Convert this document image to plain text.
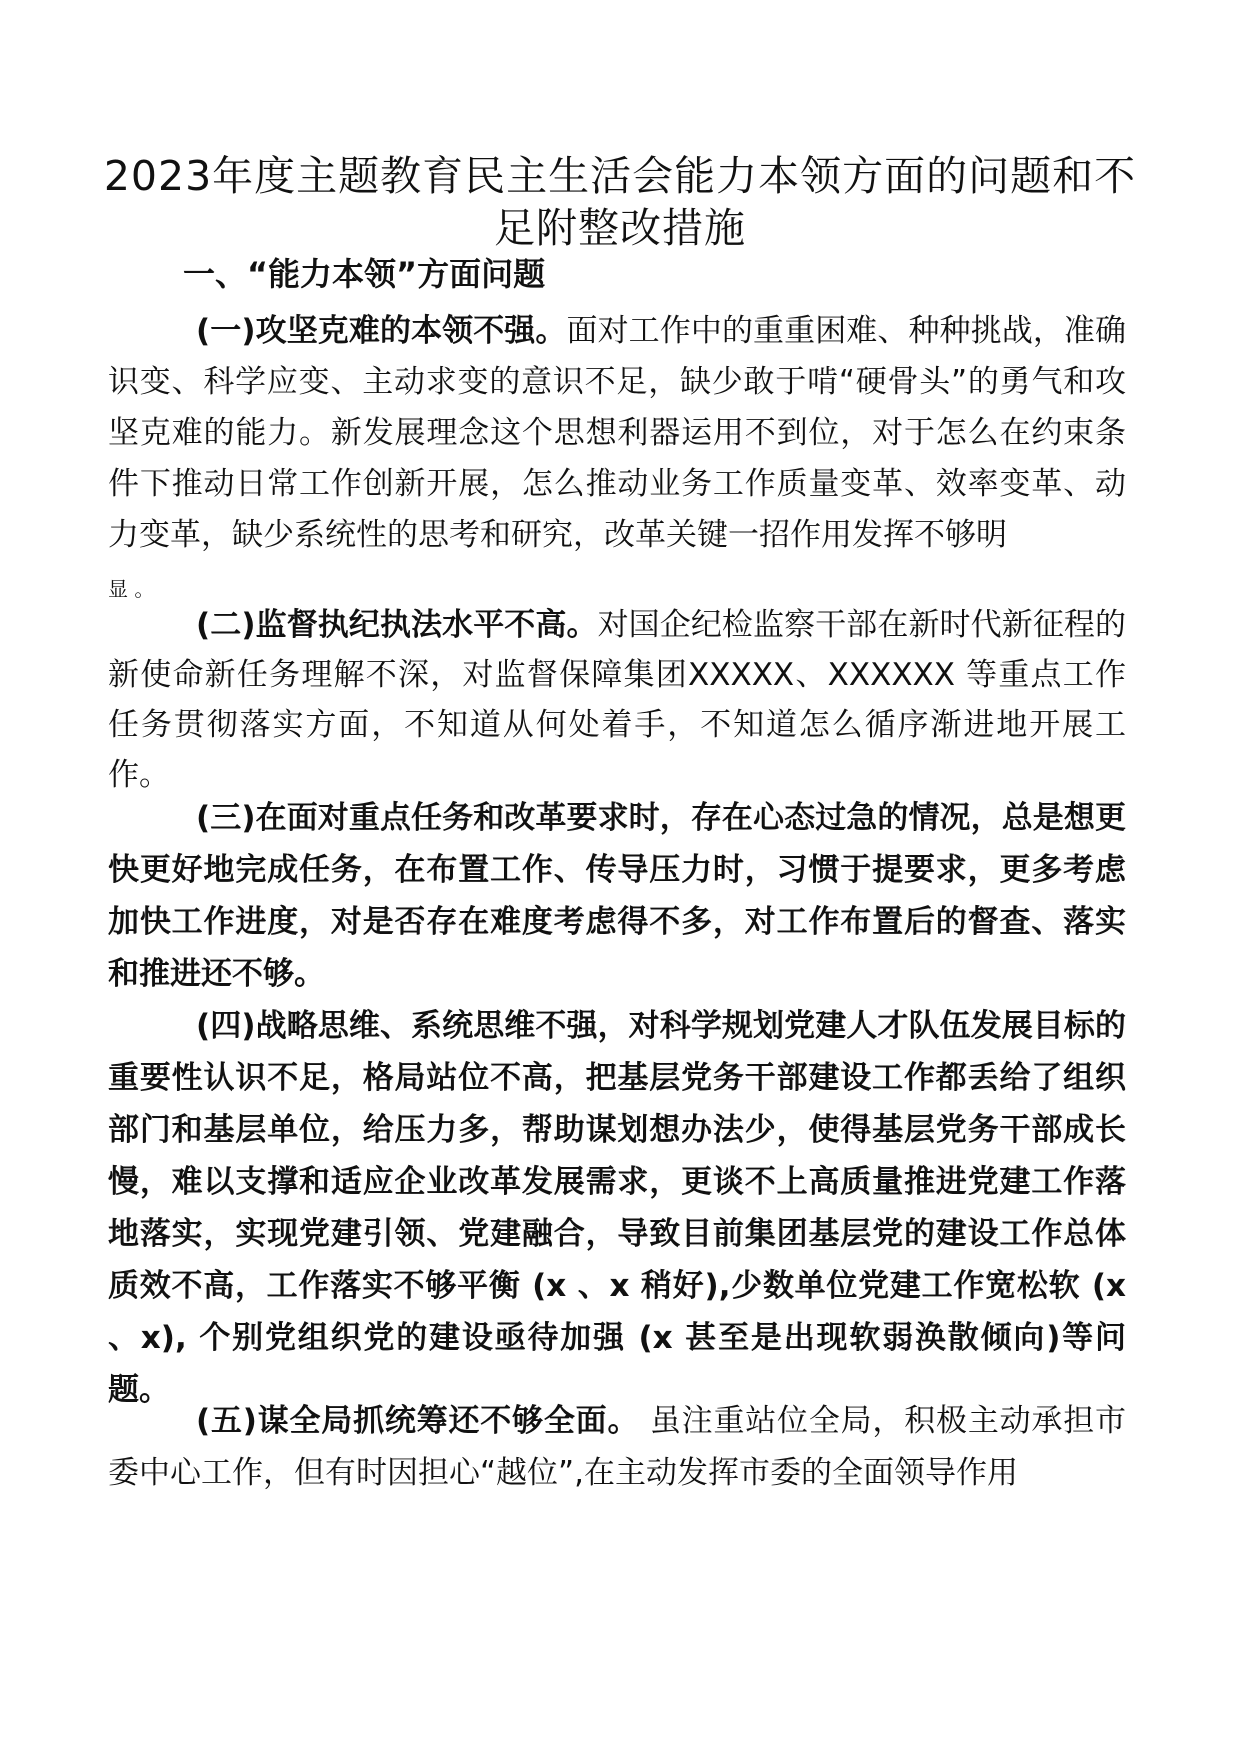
2023年度主题教育民主生活会能力本领方面的问题和不足附整改措施
一、“能力本领”方面问题

(一)攻坚克难的本领不强。面对工作中的重重困难、种种挑战，准确识变、科学应变、主动求变的意识不足，缺少敢于啃“硬骨头”的勇气和攻坚克难的能力。新发展理念这个思想利器运用不到位，对于怎么在约束条件下推动日常工作创新开展，怎么推动业务工作质量变革、效率变革、动力变革，缺少系统性的思考和研究，改革关键一招作用发挥不够明
显 。

(二)监督执纪执法水平不高。对国企纪检监察干部在新时代新征程的新使命新任务理解不深，对监督保障集团XXXXX、XXXXXX 等重点工作任务贯彻落实方面，不知道从何处着手，不知道怎么循序渐进地开展工作。

(三)在面对重点任务和改革要求时，存在心态过急的情况，总是想更快更好地完成任务，在布置工作、传导压力时，习惯于提要求，更多考虑加快工作进度，对是否存在难度考虑得不多，对工作布置后的督查、落实和推进还不够。

(四)战略思维、系统思维不强，对科学规划党建人才队伍发展目标的重要性认识不足，格局站位不高，把基层党务干部建设工作都丢给了组织部门和基层单位，给压力多，帮助谋划想办法少，使得基层党务干部成长慢，难以支撑和适应企业改革发展需求，更谈不上高质量推进党建工作落地落实，实现党建引领、党建融合，导致目前集团基层党的建设工作总体质效不高，工作落实不够平衡 (x 、x 稍好),少数单位党建工作宽松软 (x 、x), 个别党组织党的建设亟待加强 (x 甚至是出现软弱涣散倾向)等问题。

(五)谋全局抓统筹还不够全面。 虽注重站位全局，积极主动承担市委中心工作，但有时因担心“越位”,在主动发挥市委的全面领导作用
